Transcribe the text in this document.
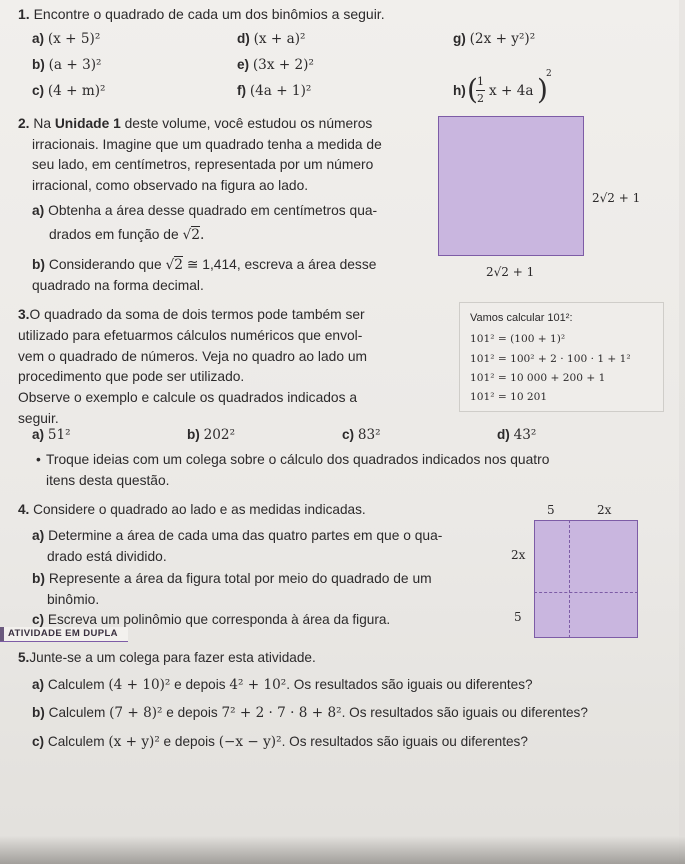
1. Encontre o quadrado de cada um dos binômios a seguir.
a) (x + 5)²
b) (a + 3)²
c) (4 + m)²
d) (x + a)²
e) (3x + 2)²
f) (4a + 1)²
g) (2x + y²)²
h) ( 1
2 x + 4a )
2
2. Na Unidade 1 deste volume, você estudou os números
irracionais. Imagine que um quadrado tenha a medida de
seu lado, em centímetros, representada por um número
irracional, como observado na figura ao lado.
a) Obtenha a área desse quadrado em centímetros qua-
drados em função de √2.
b) Considerando que √2 ≅ 1,414, escreva a área desse
quadrado na forma decimal.
2√2 + 1
2√2 + 1
3.O quadrado da soma de dois termos pode também ser
utilizado para efetuarmos cálculos numéricos que envol-
vem o quadrado de números. Veja no quadro ao lado um
procedimento que pode ser utilizado.
Observe o exemplo e calcule os quadrados indicados a
seguir.
Vamos calcular 101²:
101² = (100 + 1)²
101² = 100² + 2 · 100 · 1 + 1²
101² = 10 000 + 200 + 1
101² = 10 201
a) 51²	b) 202²	c) 83²	d) 43²
• Troque ideias com um colega sobre o cálculo dos quadrados indicados nos quatro
itens desta questão.
4. Considere o quadrado ao lado e as medidas indicadas.
a) Determine a área de cada uma das quatro partes em que o qua-
drado está dividido.
b) Represente a área da figura total por meio do quadrado de um
binômio.
c) Escreva um polinômio que corresponda à área da figura.
5	2x
2x
5
ATIVIDADE EM DUPLA
5.Junte-se a um colega para fazer esta atividade.
a) Calculem (4 + 10)² e depois 4² + 10². Os resultados são iguais ou diferentes?
b) Calculem (7 + 8)² e depois 7² + 2 · 7 · 8 + 8². Os resultados são iguais ou diferentes?
c) Calculem (x + y)² e depois (−x − y)². Os resultados são iguais ou diferentes?
